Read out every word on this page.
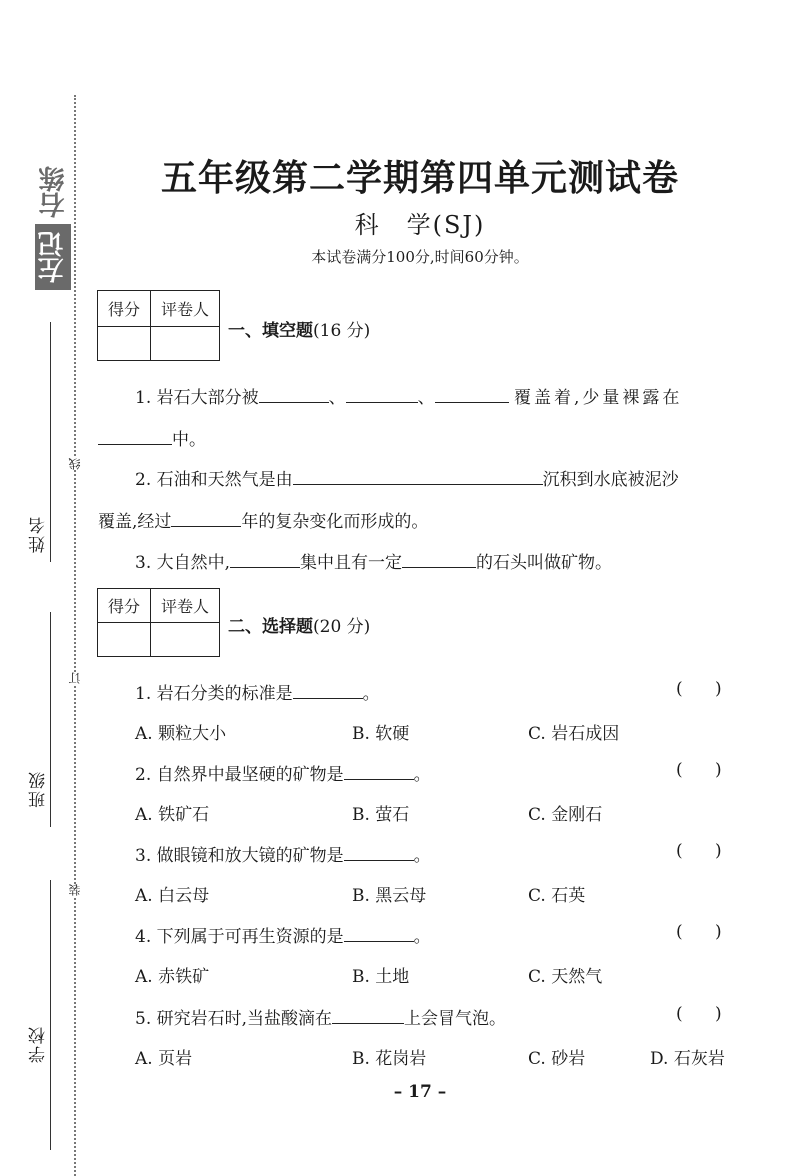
右练
左记
姓名
班级
学校
线
订
装
五年级第二学期第四单元测试卷
科　学(SJ)
本试卷满分100分,时间60分钟。
得分	评卷人

一、填空题(16 分)
1. 岩石大部分被	、	、	覆盖着,少量裸露在
中。
2. 石油和天然气是由	沉积到水底被泥沙
覆盖,经过	年的复杂变化而形成的。
3. 大自然中,	集中且有一定	的石头叫做矿物。
得分	评卷人

二、选择题(20 分)
1. 岩石分类的标准是	。	(      )
A. 颗粒大小	B. 软硬	C. 岩石成因
2. 自然界中最坚硬的矿物是	。	(      )
A. 铁矿石	B. 萤石	C. 金刚石
3. 做眼镜和放大镜的矿物是	。	(      )
A. 白云母	B. 黑云母	C. 石英
4. 下列属于可再生资源的是	。	(      )
A. 赤铁矿	B. 土地	C. 天然气
5. 研究岩石时,当盐酸滴在	上会冒气泡。	(      )
A. 页岩	B. 花岗岩	C. 砂岩	D. 石灰岩
– 17 –
